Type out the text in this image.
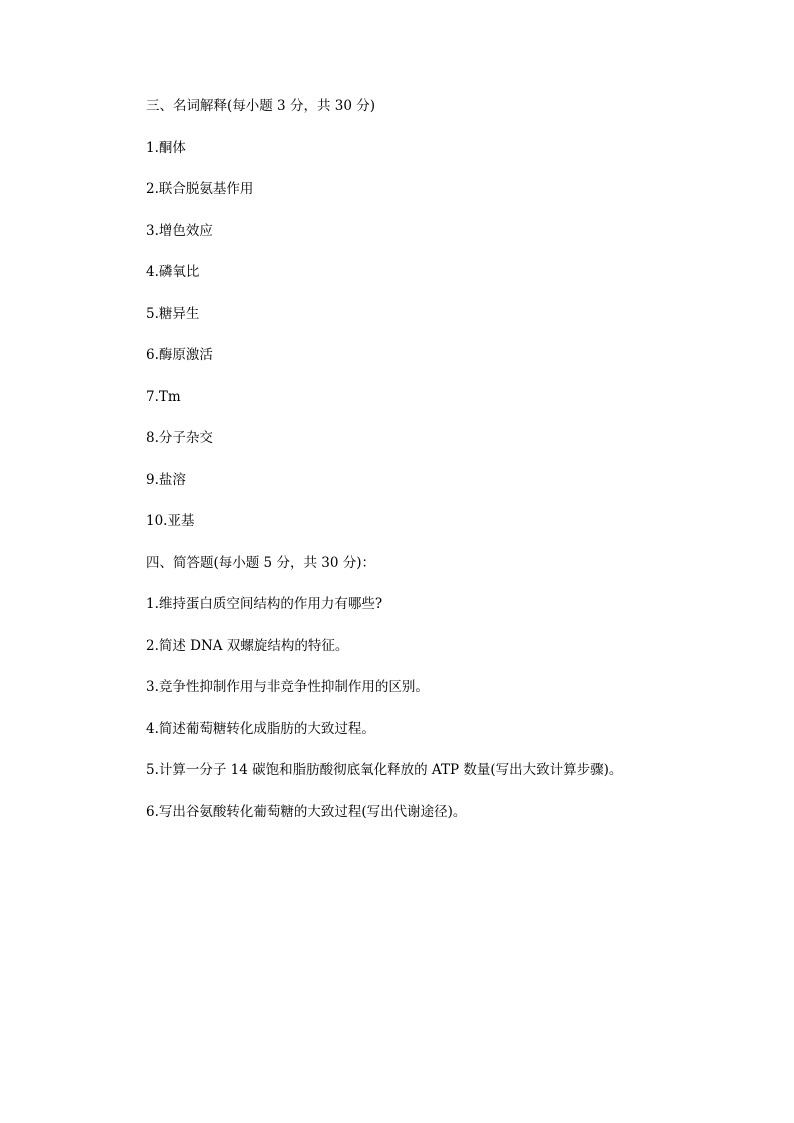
三、名词解释(每小题 3 分，共 30 分)
1.酮体
2.联合脱氨基作用
3.增色效应
4.磷氧比
5.糖异生
6.酶原激活
7.Tm
8.分子杂交
9.盐溶
10.亚基
四、简答题(每小题 5 分，共 30 分)：
1.维持蛋白质空间结构的作用力有哪些?
2.简述 DNA 双螺旋结构的特征。
3.竞争性抑制作用与非竞争性抑制作用的区别。
4.简述葡萄糖转化成脂肪的大致过程。
5.计算一分子 14 碳饱和脂肪酸彻底氧化释放的 ATP 数量(写出大致计算步骤)。
6.写出谷氨酸转化葡萄糖的大致过程(写出代谢途径)。
